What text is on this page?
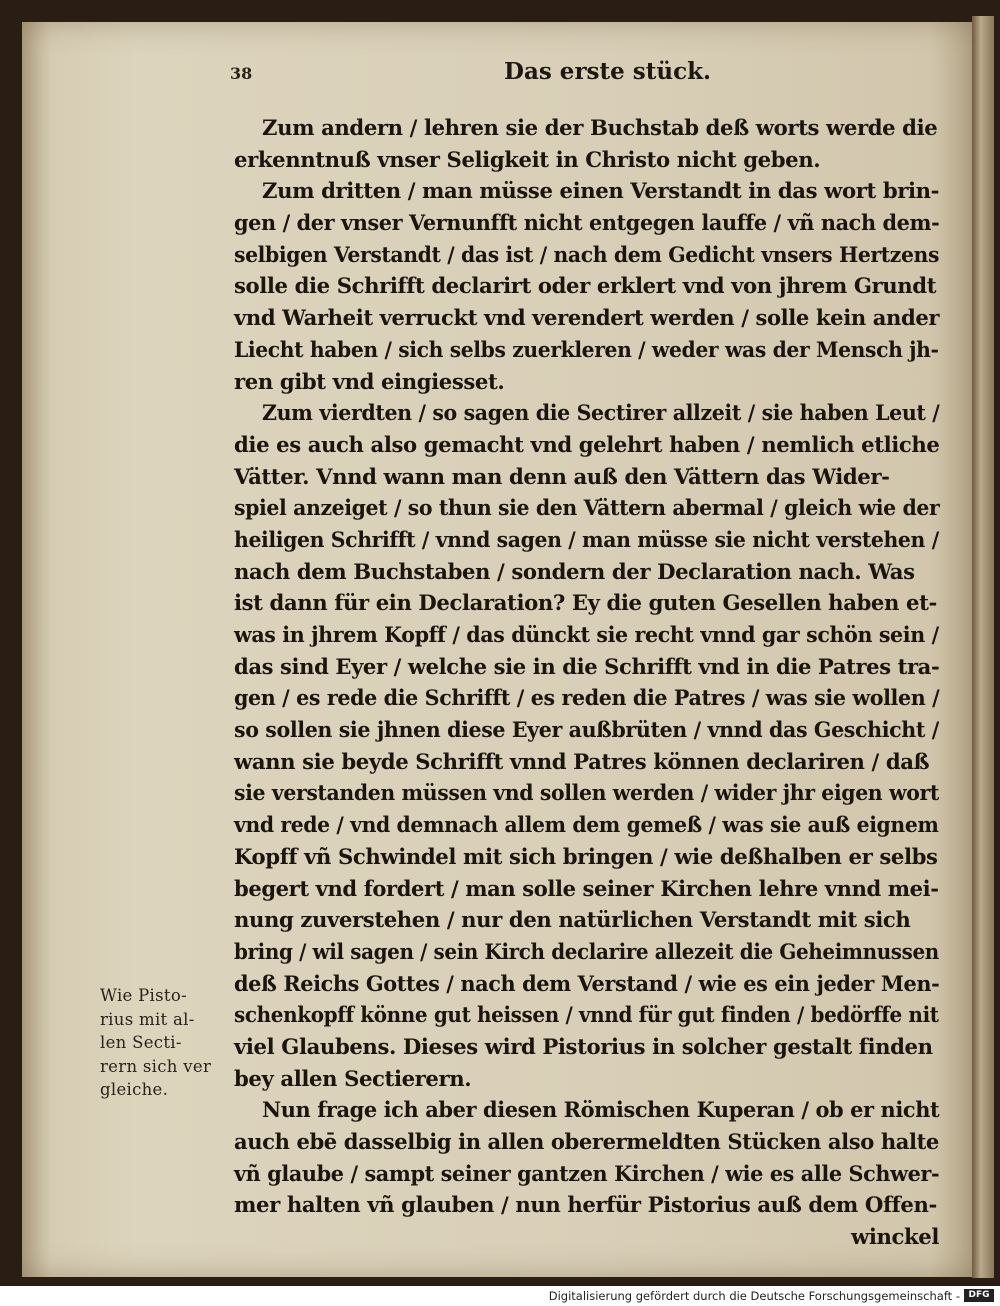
38	Das erste stück.
Zum andern / lehren sie der Buchstab deß worts werde die
erkenntnuß vnser Seligkeit in Christo nicht geben.
Zum dritten / man müsse einen Verstandt in das wort brin-
gen / der vnser Vernunfft nicht entgegen lauffe / vñ nach dem-
selbigen Verstandt / das ist / nach dem Gedicht vnsers Hertzens
solle die Schrifft declarirt oder erklert vnd von jhrem Grundt
vnd Warheit verruckt vnd verendert werden / solle kein ander
Liecht haben / sich selbs zuerkleren / weder was der Mensch jh-
ren gibt vnd eingiesset.
Zum vierdten / so sagen die Sectirer allzeit / sie haben Leut /
die es auch also gemacht vnd gelehrt haben / nemlich etliche
Vätter. Vnnd wann man denn auß den Vättern das Wider-
spiel anzeiget / so thun sie den Vättern abermal / gleich wie der
heiligen Schrifft / vnnd sagen / man müsse sie nicht verstehen /
nach dem Buchstaben / sondern der Declaration nach. Was
ist dann für ein Declaration? Ey die guten Gesellen haben et-
was in jhrem Kopff / das dünckt sie recht vnnd gar schön sein /
das sind Eyer / welche sie in die Schrifft vnd in die Patres tra-
gen / es rede die Schrifft / es reden die Patres / was sie wollen /
so sollen sie jhnen diese Eyer außbrüten / vnnd das Geschicht /
wann sie beyde Schrifft vnnd Patres können declariren / daß
sie verstanden müssen vnd sollen werden / wider jhr eigen wort
vnd rede / vnd demnach allem dem gemeß / was sie auß eignem
Kopff vñ Schwindel mit sich bringen / wie deßhalben er selbs
begert vnd fordert / man solle seiner Kirchen lehre vnnd mei-
nung zuverstehen / nur den natürlichen Verstandt mit sich
bring / wil sagen / sein Kirch declarire allezeit die Geheimnussen
deß Reichs Gottes / nach dem Verstand / wie es ein jeder Men-
schenkopff könne gut heissen / vnnd für gut finden / bedörffe nit
viel Glaubens. Dieses wird Pistorius in solcher gestalt finden
bey allen Sectierern.
Nun frage ich aber diesen Römischen Kuperan / ob er nicht
auch ebē dasselbig in allen oberermeldten Stücken also halte
vñ glaube / sampt seiner gantzen Kirchen / wie es alle Schwer-
mer halten vñ glauben / nun herfür Pistorius auß dem Offen-
winckel
Wie Pisto-
rius mit al-
len Secti-
rern sich ver
gleiche.
Digitalisierung gefördert durch die Deutsche Forschungsgemeinschaft - DFG
